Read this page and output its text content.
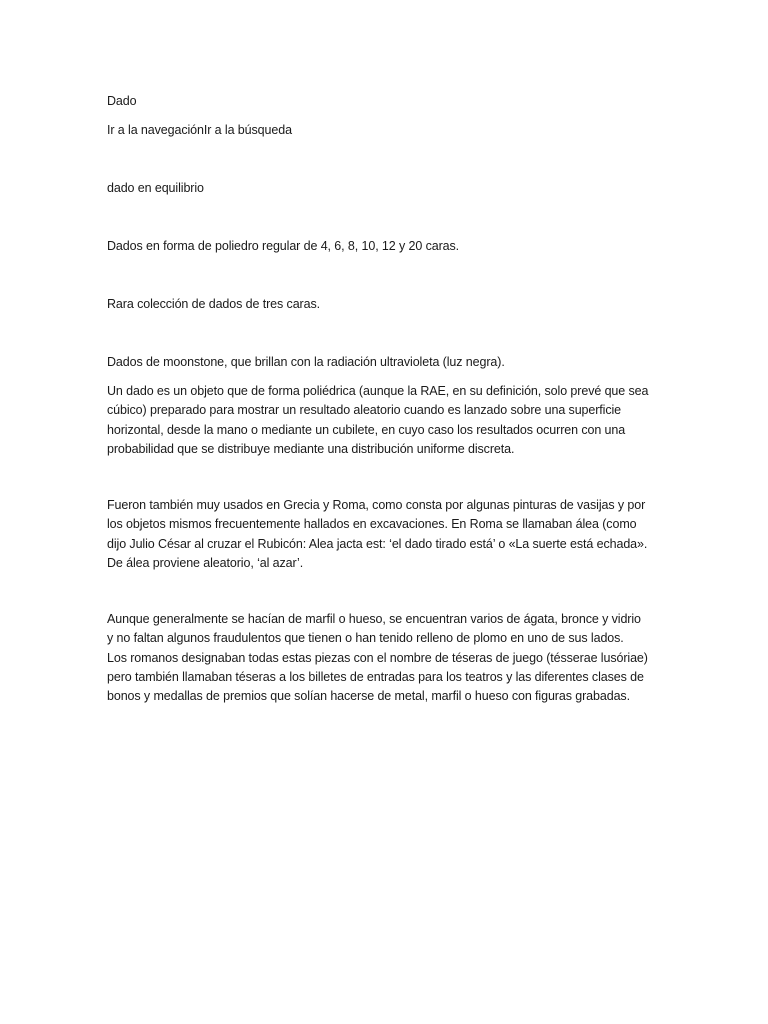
Dado

Ir a la navegaciónIr a la búsqueda

dado en equilibrio

Dados en forma de poliedro regular de 4, 6, 8, 10, 12 y 20 caras.

Rara colección de dados de tres caras.

Dados de moonstone, que brillan con la radiación ultravioleta (luz negra).

Un dado es un objeto que de forma poliédrica (aunque la RAE, en su definición, solo prevé que sea
cúbico) preparado para mostrar un resultado aleatorio cuando es lanzado sobre una superficie
horizontal, desde la mano o mediante un cubilete, en cuyo caso los resultados ocurren con una
probabilidad que se distribuye mediante una distribución uniforme discreta.
Fueron también muy usados en Grecia y Roma, como consta por algunas pinturas de vasijas y por
los objetos mismos frecuentemente hallados en excavaciones. En Roma se llamaban álea (como
dijo Julio César al cruzar el Rubicón: Alea jacta est: ‘el dado tirado está’ o «La suerte está echada».
De álea proviene aleatorio, ‘al azar’.
Aunque generalmente se hacían de marfil o hueso, se encuentran varios de ágata, bronce y vidrio
y no faltan algunos fraudulentos que tienen o han tenido relleno de plomo en uno de sus lados.
Los romanos designaban todas estas piezas con el nombre de téseras de juego (tésserae lusóriae)
pero también llamaban téseras a los billetes de entradas para los teatros y las diferentes clases de
bonos y medallas de premios que solían hacerse de metal, marfil o hueso con figuras grabadas.
